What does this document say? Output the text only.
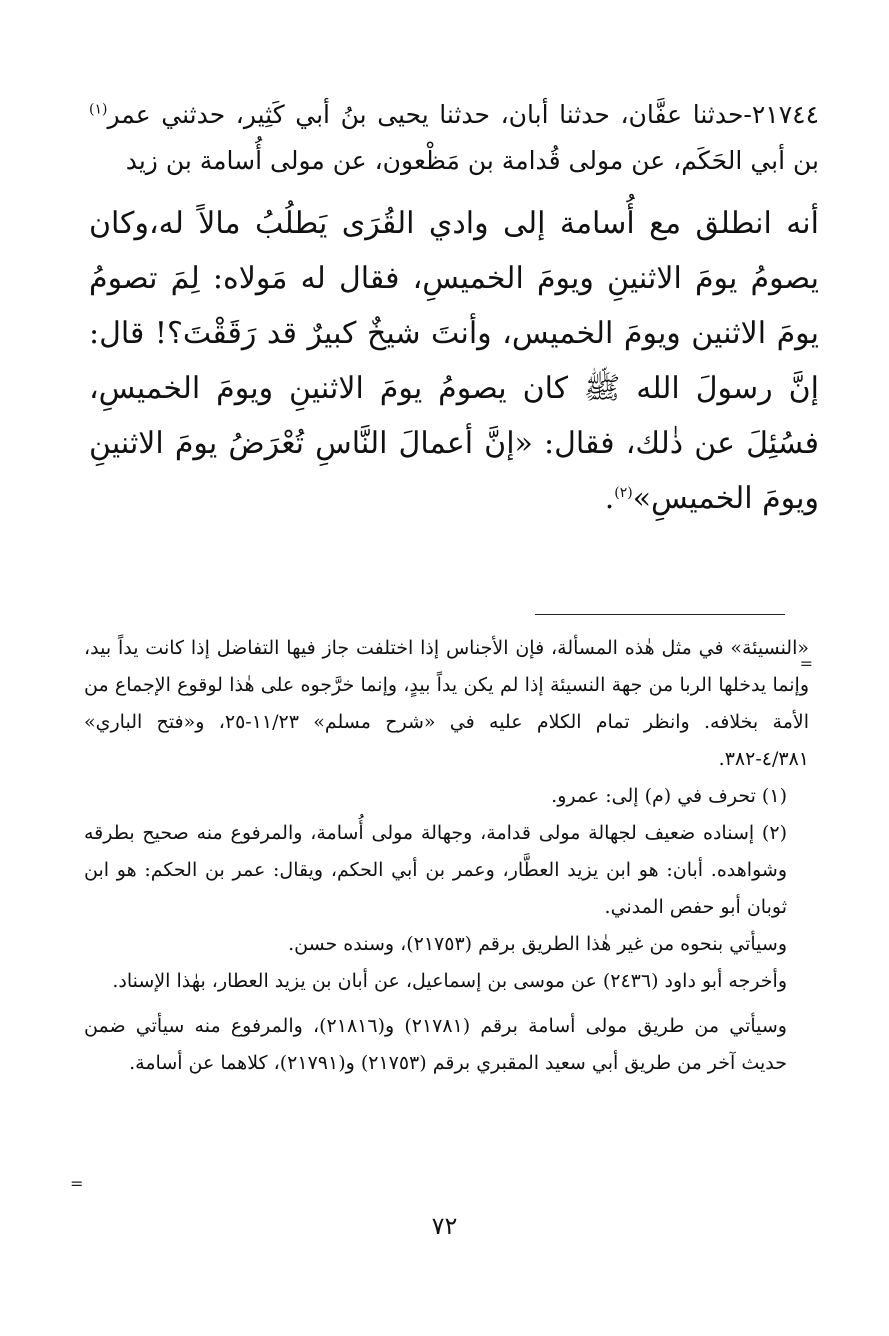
٢١٧٤٤-حدثنا عفَّان، حدثنا أبان، حدثنا يحيى بنُ أبي كَثِير، حدثني عمر$^{(١)}$ بن أبي الحَكَم، عن مولى قُدامة بن مَظْعون، عن مولى أُسامة بن زيد

أنه انطلق مع أُسامة إلى وادي القُرَى يَطلُبُ مالاً له،وكان يصومُ يومَ الاثنينِ ويومَ الخميسِ، فقال له مَولاه: لِمَ تصومُ يومَ الاثنين ويومَ الخميس، وأنتَ شيخٌ كبيرٌ قد رَقَقْتَ؟! قال: إنَّ رسولَ الله ﷺ كان يصومُ يومَ الاثنينِ ويومَ الخميسِ، فسُئِلَ عن ذٰلك، فقال: «إنَّ أعمالَ النَّاسِ تُعْرَضُ يومَ الاثنينِ ويومَ الخميسِ»$^{(٢)}$.

=

«النسيئة» في مثل هٰذه المسألة، فإن الأجناس إذا اختلفت جاز فيها التفاضل إذا كانت يداً بيد، وإنما يدخلها الربا من جهة النسيئة إذا لم يكن يداً بيدٍ، وإنما خرَّجوه على هٰذا لوقوع الإجماع من الأمة بخلافه. وانظر تمام الكلام عليه في «شرح مسلم» ١١/٢٣-٢٥، و«فتح الباري» ٤/٣٨١-٣٨٢.

(١) تحرف في (م) إلى: عمرو.

(٢) إسناده ضعيف لجهالة مولى قدامة، وجهالة مولى أُسامة، والمرفوع منه صحيح بطرقه وشواهده. أبان: هو ابن يزيد العطَّار، وعمر بن أبي الحكم، ويقال: عمر بن الحكم: هو ابن ثوبان أبو حفص المدني.

وسيأتي بنحوه من غير هٰذا الطريق برقم (٢١٧٥٣)، وسنده حسن.

وأخرجه أبو داود (٢٤٣٦) عن موسى بن إسماعيل، عن أبان بن يزيد العطار، بهٰذا الإسناد.

وسيأتي من طريق مولى أسامة برقم (٢١٧٨١) و(٢١٨١٦)، والمرفوع منه سيأتي ضمن حديث آخر من طريق أبي سعيد المقبري برقم (٢١٧٥٣) و(٢١٧٩١)، كلاهما عن أسامة.

=
٧٢
